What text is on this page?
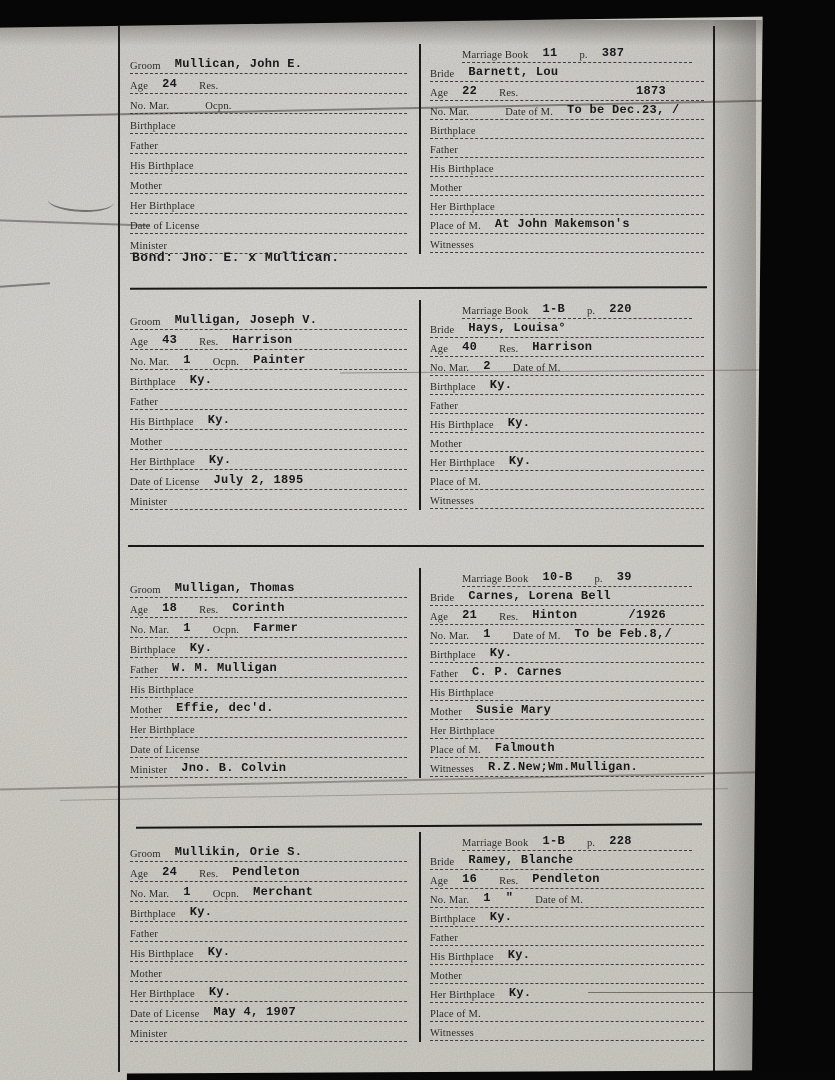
Groom Mullican, John E.
Age 24 Res.
No. Mar.	Ocpn.
Birthplace
Father
His Birthplace
Mother
Her Birthplace
Date of License
Minister
Marriage Book 11 p. 387
Bride Barnett, Lou
Age 22 Res.	1873
No. Mar.	Date of M. To be Dec.23, /
Birthplace
Father
His Birthplace
Mother
Her Birthplace
Place of M. At John Makemson's
Witnesses
Bond: Jno. E. x Mullican.
Groom Mulligan, Joseph V.
Age 43 Res. Harrison
No. Mar. 1 Ocpn. Painter
Birthplace Ky.
Father
His Birthplace Ky.
Mother
Her Birthplace Ky.
Date of License July 2, 1895
Minister
Marriage Book 1-B p. 220
Bride Hays, Louisa°
Age 40 Res. Harrison
No. Mar. 2 Date of M.
Birthplace Ky.
Father
His Birthplace Ky.
Mother
Her Birthplace Ky.
Place of M.
Witnesses
Groom Mulligan, Thomas
Age 18 Res. Corinth
No. Mar. 1 Ocpn. Farmer
Birthplace Ky.
Father W. M. Mulligan
His Birthplace
Mother Effie, dec'd.
Her Birthplace
Date of License
Minister Jno. B. Colvin
Marriage Book 10-B p. 39
Bride Carnes, Lorena Bell
Age 21 Res. Hinton	/1926
No. Mar. 1 Date of M. To be Feb.8,/
Birthplace Ky.
Father C. P. Carnes
His Birthplace
Mother Susie Mary
Her Birthplace
Place of M. Falmouth
Witnesses R.Z.New;Wm.Mulligan.
Groom Mullikin, Orie S.
Age 24 Res. Pendleton
No. Mar. 1 Ocpn. Merchant
Birthplace Ky.
Father
His Birthplace Ky.
Mother
Her Birthplace Ky.
Date of License May 4, 1907
Minister
Marriage Book 1-B p. 228
Bride Ramey, Blanche
Age 16 Res. Pendleton
No. Mar. 1  " Date of M.
Birthplace Ky.
Father
His Birthplace Ky.
Mother
Her Birthplace Ky.
Place of M.
Witnesses
